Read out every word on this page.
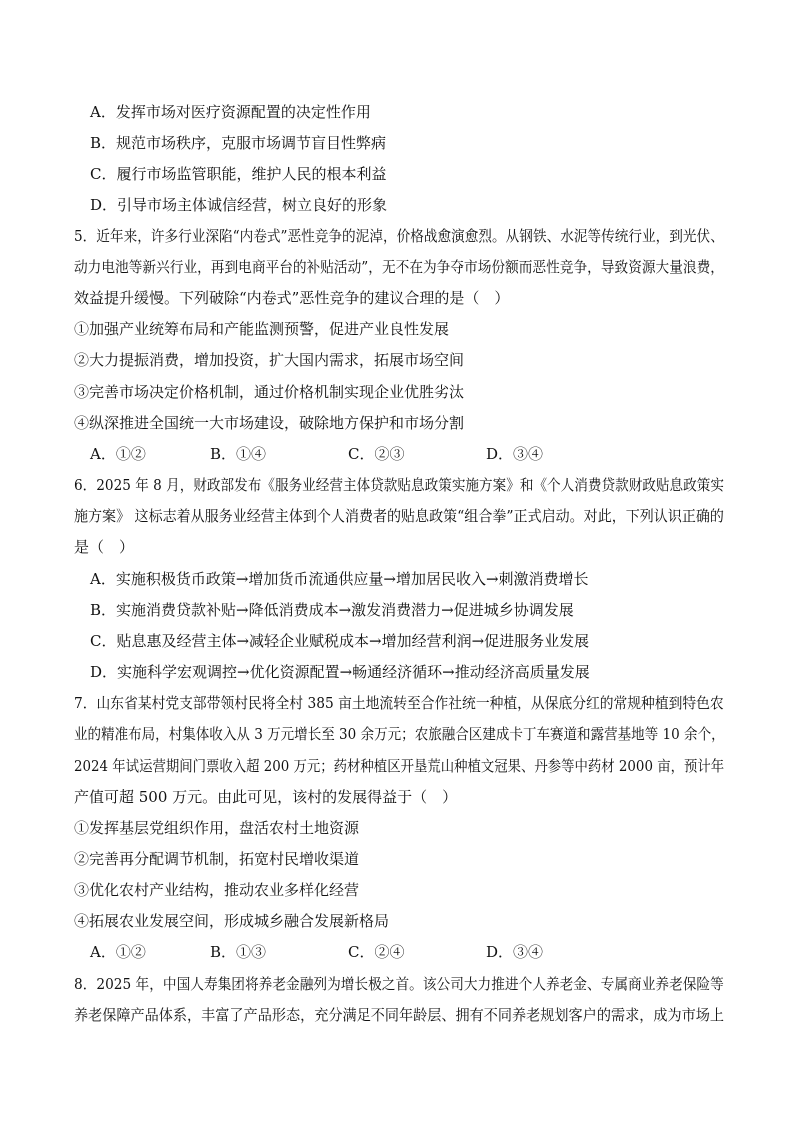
A．发挥市场对医疗资源配置的决定性作用
B．规范市场秩序，克服市场调节盲目性弊病
C．履行市场监管职能，维护人民的根本利益
D．引导市场主体诚信经营，树立良好的形象
5．近年来，许多行业深陷“内卷式”恶性竞争的泥淖，价格战愈演愈烈。从钢铁、水泥等传统行业，到光伏、
动力电池等新兴行业，再到电商平台的补贴活动”，无不在为争夺市场份额而恶性竞争，导致资源大量浪费，
效益提升缓慢。下列破除“内卷式”恶性竞争的建议合理的是（　）
①加强产业统筹布局和产能监测预警，促进产业良性发展
②大力提振消费，增加投资，扩大国内需求，拓展市场空间
③完善市场决定价格机制，通过价格机制实现企业优胜劣汰
④纵深推进全国统一大市场建设，破除地方保护和市场分割
A．①②	B．①④	C．②③	D．③④
6．2025 年 8 月，财政部发布《服务业经营主体贷款贴息政策实施方案》和《个人消费贷款财政贴息政策实
施方案》 这标志着从服务业经营主体到个人消费者的贴息政策“组合拳”正式启动。对此，下列认识正确的
是（　）
A．实施积极货币政策→增加货币流通供应量→增加居民收入→刺激消费增长
B．实施消费贷款补贴→降低消费成本→激发消费潜力→促进城乡协调发展
C．贴息惠及经营主体→减轻企业赋税成本→增加经营利润→促进服务业发展
D．实施科学宏观调控→优化资源配置→畅通经济循环→推动经济高质量发展
7．山东省某村党支部带领村民将全村 385 亩土地流转至合作社统一种植，从保底分红的常规种植到特色农
业的精准布局，村集体收入从 3 万元增长至 30 余万元；农旅融合区建成卡丁车赛道和露营基地等 10 余个，
2024 年试运营期间门票收入超 200 万元；药材种植区开垦荒山种植文冠果、丹参等中药材 2000 亩，预计年
产值可超 500 万元。由此可见，该村的发展得益于（　）
①发挥基层党组织作用，盘活农村土地资源
②完善再分配调节机制，拓宽村民增收渠道
③优化农村产业结构，推动农业多样化经营
④拓展农业发展空间，形成城乡融合发展新格局
A．①②	B．①③	C．②④	D．③④
8．2025 年，中国人寿集团将养老金融列为增长极之首。该公司大力推进个人养老金、专属商业养老保险等
养老保障产品体系，丰富了产品形态，充分满足不同年龄层、拥有不同养老规划客户的需求，成为市场上
